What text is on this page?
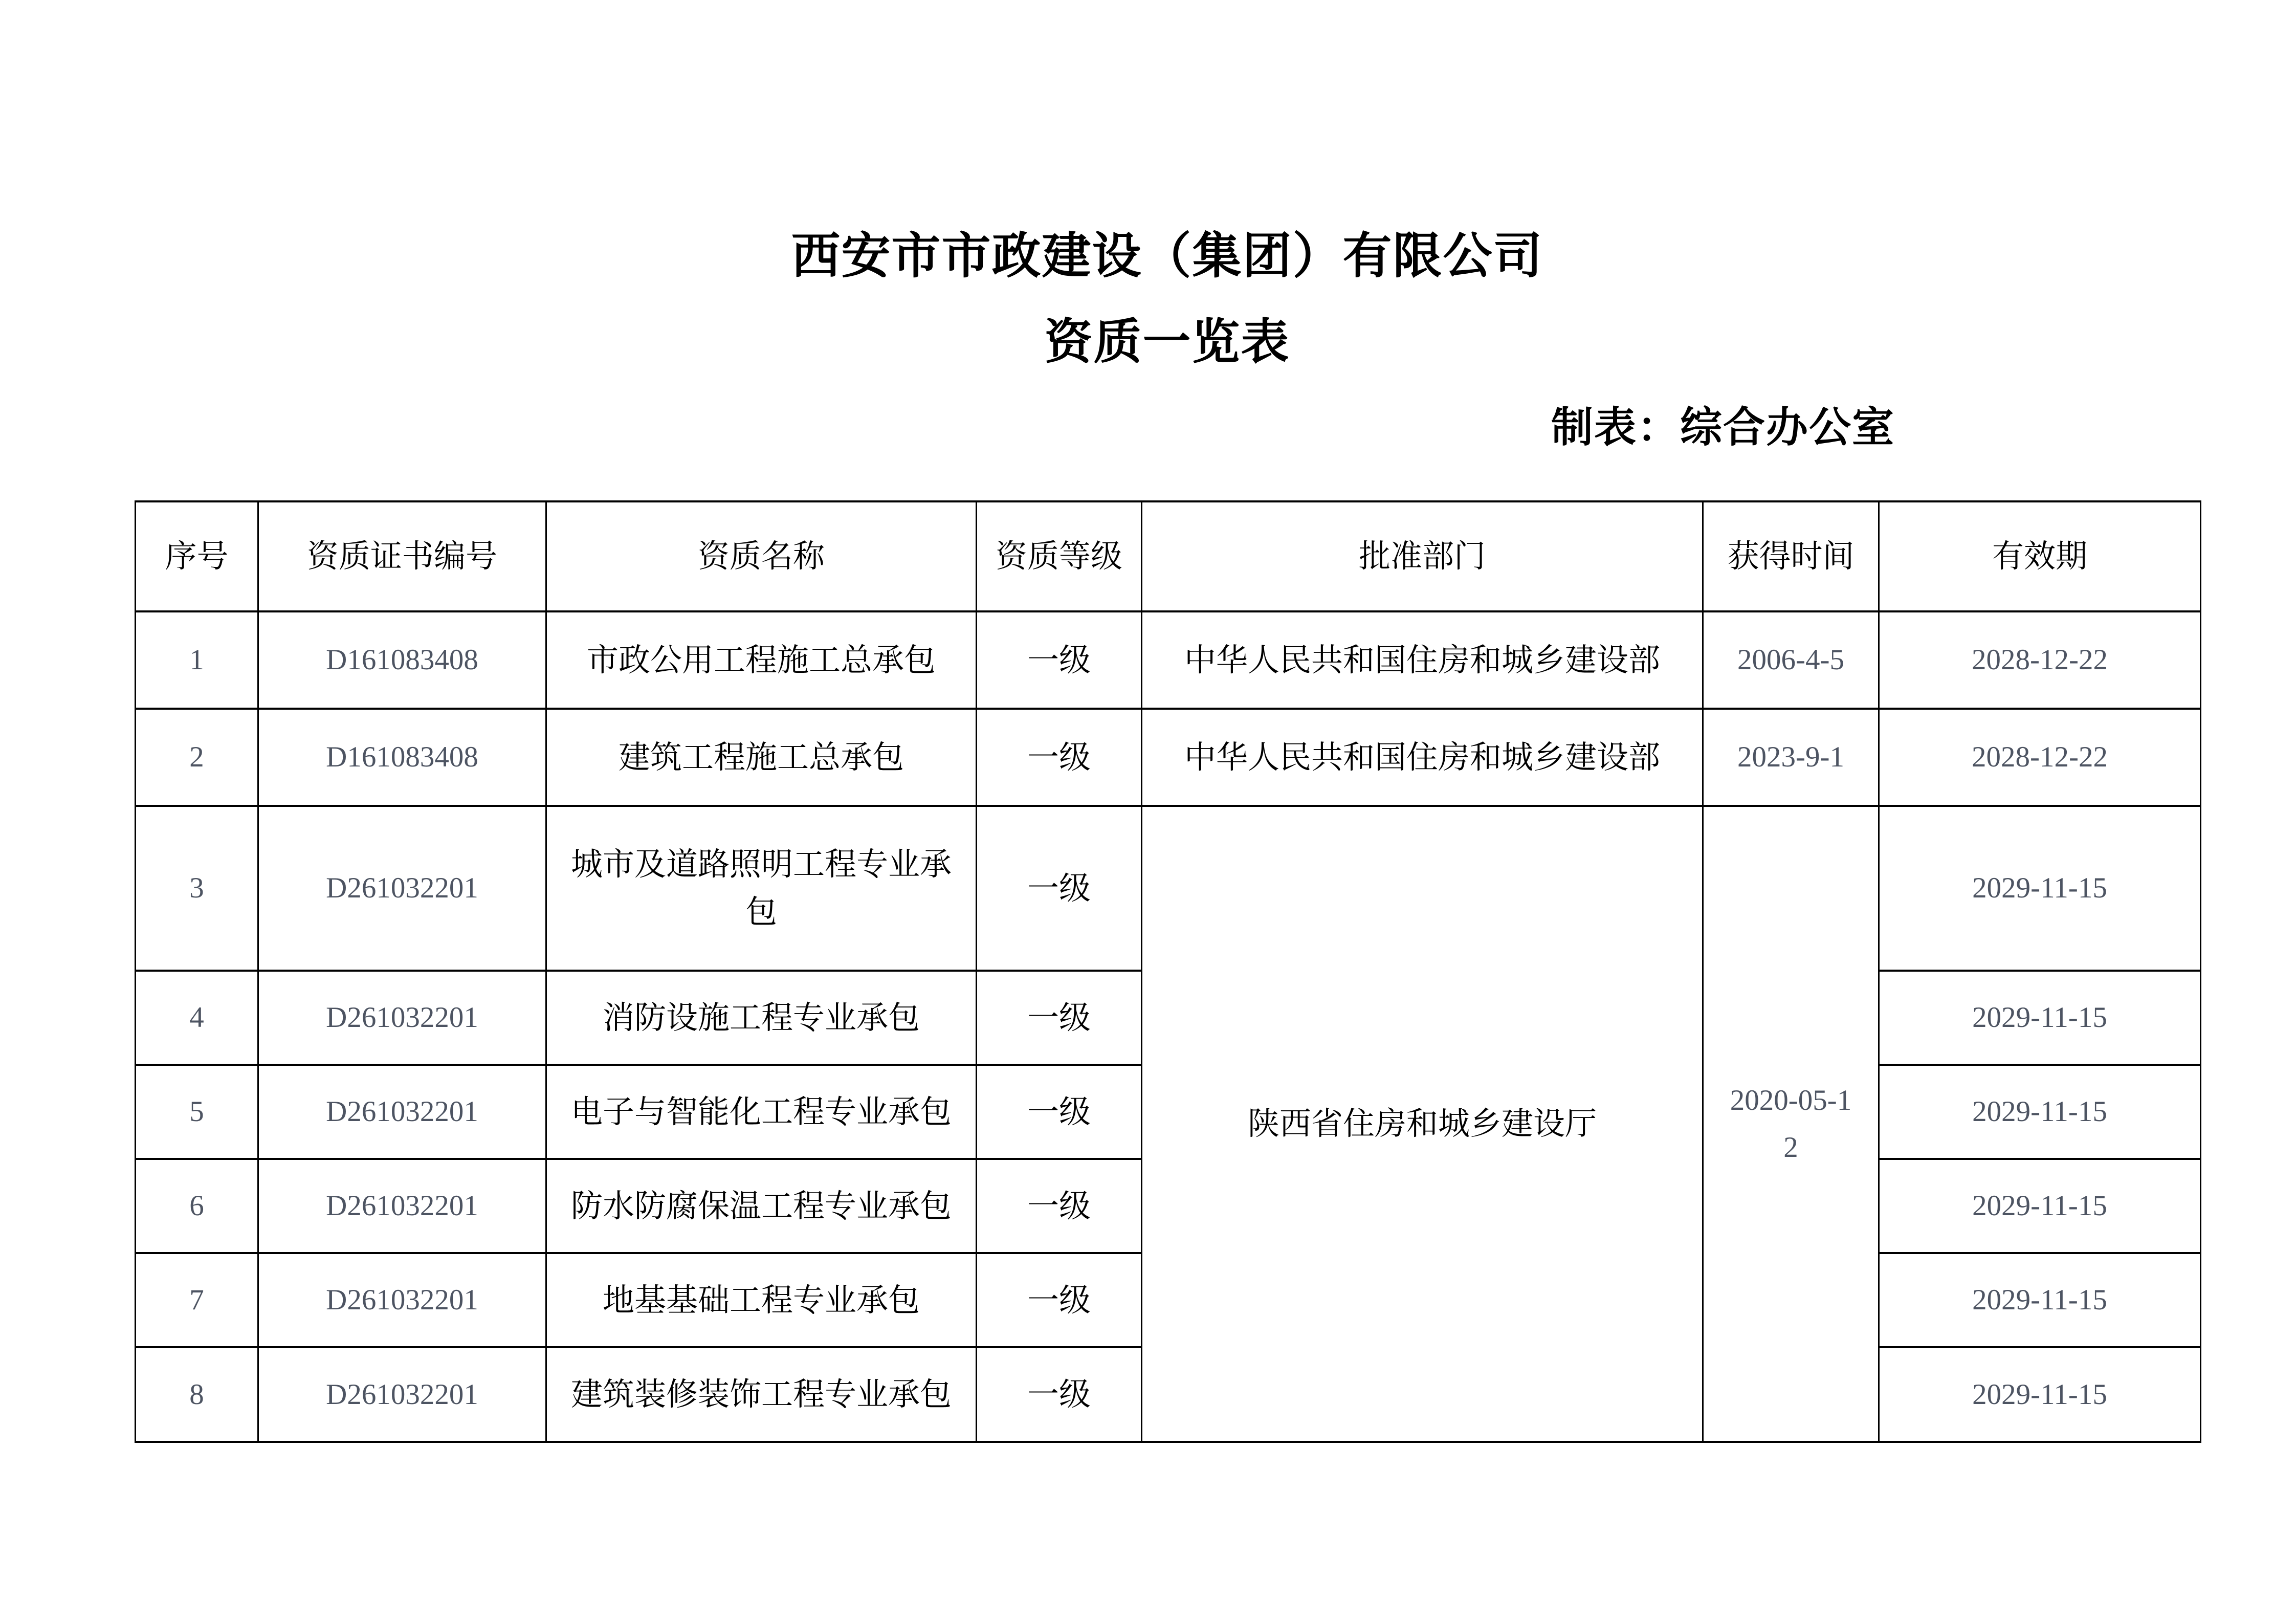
西安市市政建设（集团）有限公司
资质一览表
制表：综合办公室
序号	资质证书编号	资质名称	资质等级	批准部门	获得时间	有效期
1	D161083408	市政公用工程施工总承包	一级	中华人民共和国住房和城乡建设部	2006-4-5	2028-12-22
2	D161083408	建筑工程施工总承包	一级	中华人民共和国住房和城乡建设部	2023-9-1	2028-12-22
3	D261032201	城市及道路照明工程专业承包	一级	陕西省住房和城乡建设厅	2020-05-12	2029-11-15
4	D261032201	消防设施工程专业承包	一级			2029-11-15
5	D261032201	电子与智能化工程专业承包	一级			2029-11-15
6	D261032201	防水防腐保温工程专业承包	一级			2029-11-15
7	D261032201	地基基础工程专业承包	一级			2029-11-15
8	D261032201	建筑装修装饰工程专业承包	一级			2029-11-15
